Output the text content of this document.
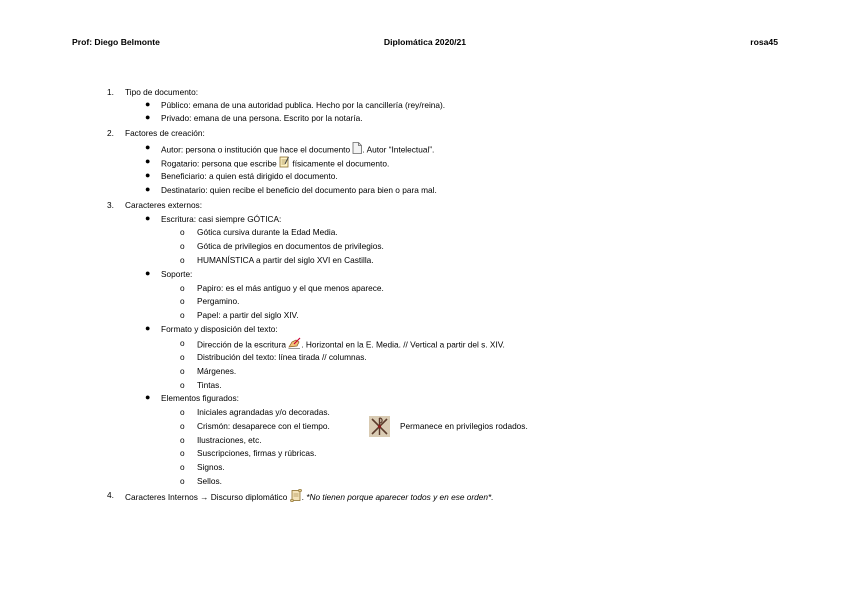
Prof: Diego Belmonte	Diplomática 2020/21	rosa45
1. Tipo de documento:
● Público: emana de una autoridad publica. Hecho por la cancillería (rey/reina).
● Privado: emana de una persona. Escrito por la notaría.
2. Factores de creación:
● Autor: persona o institución que hace el documento . Autor “Intelectual”.
● Rogatario: persona que escribe  físicamente el documento.
● Beneficiario: a quien está dirigido el documento.
● Destinatario: quien recibe el beneficio del documento para bien o para mal.
3. Caracteres externos:
● Escritura: casi siempre GÓTICA:
o Gótica cursiva durante la Edad Media.
o Gótica de privilegios en documentos de privilegios.
o HUMANÍSTICA a partir del siglo XVI en Castilla.
● Soporte:
o Papiro: es el más antiguo y el que menos aparece.
o Pergamino.
o Papel: a partir del siglo XIV.
● Formato y disposición del texto:
o Dirección de la escritura . Horizontal en la E. Media. // Vertical a partir del s. XIV.
o Distribución del texto: línea tirada // columnas.
o Márgenes.
o Tintas.
● Elementos figurados:
o Iniciales agrandadas y/o decoradas.
o Crismón: desaparece con el tiempo.	Permanece en privilegios rodados.
o Ilustraciones, etc.
o Suscripciones, firmas y rúbricas.
o Signos.
o Sellos.
4. Caracteres Internos → Discurso diplomático . *No tienen porque aparecer todos y en ese orden*.
